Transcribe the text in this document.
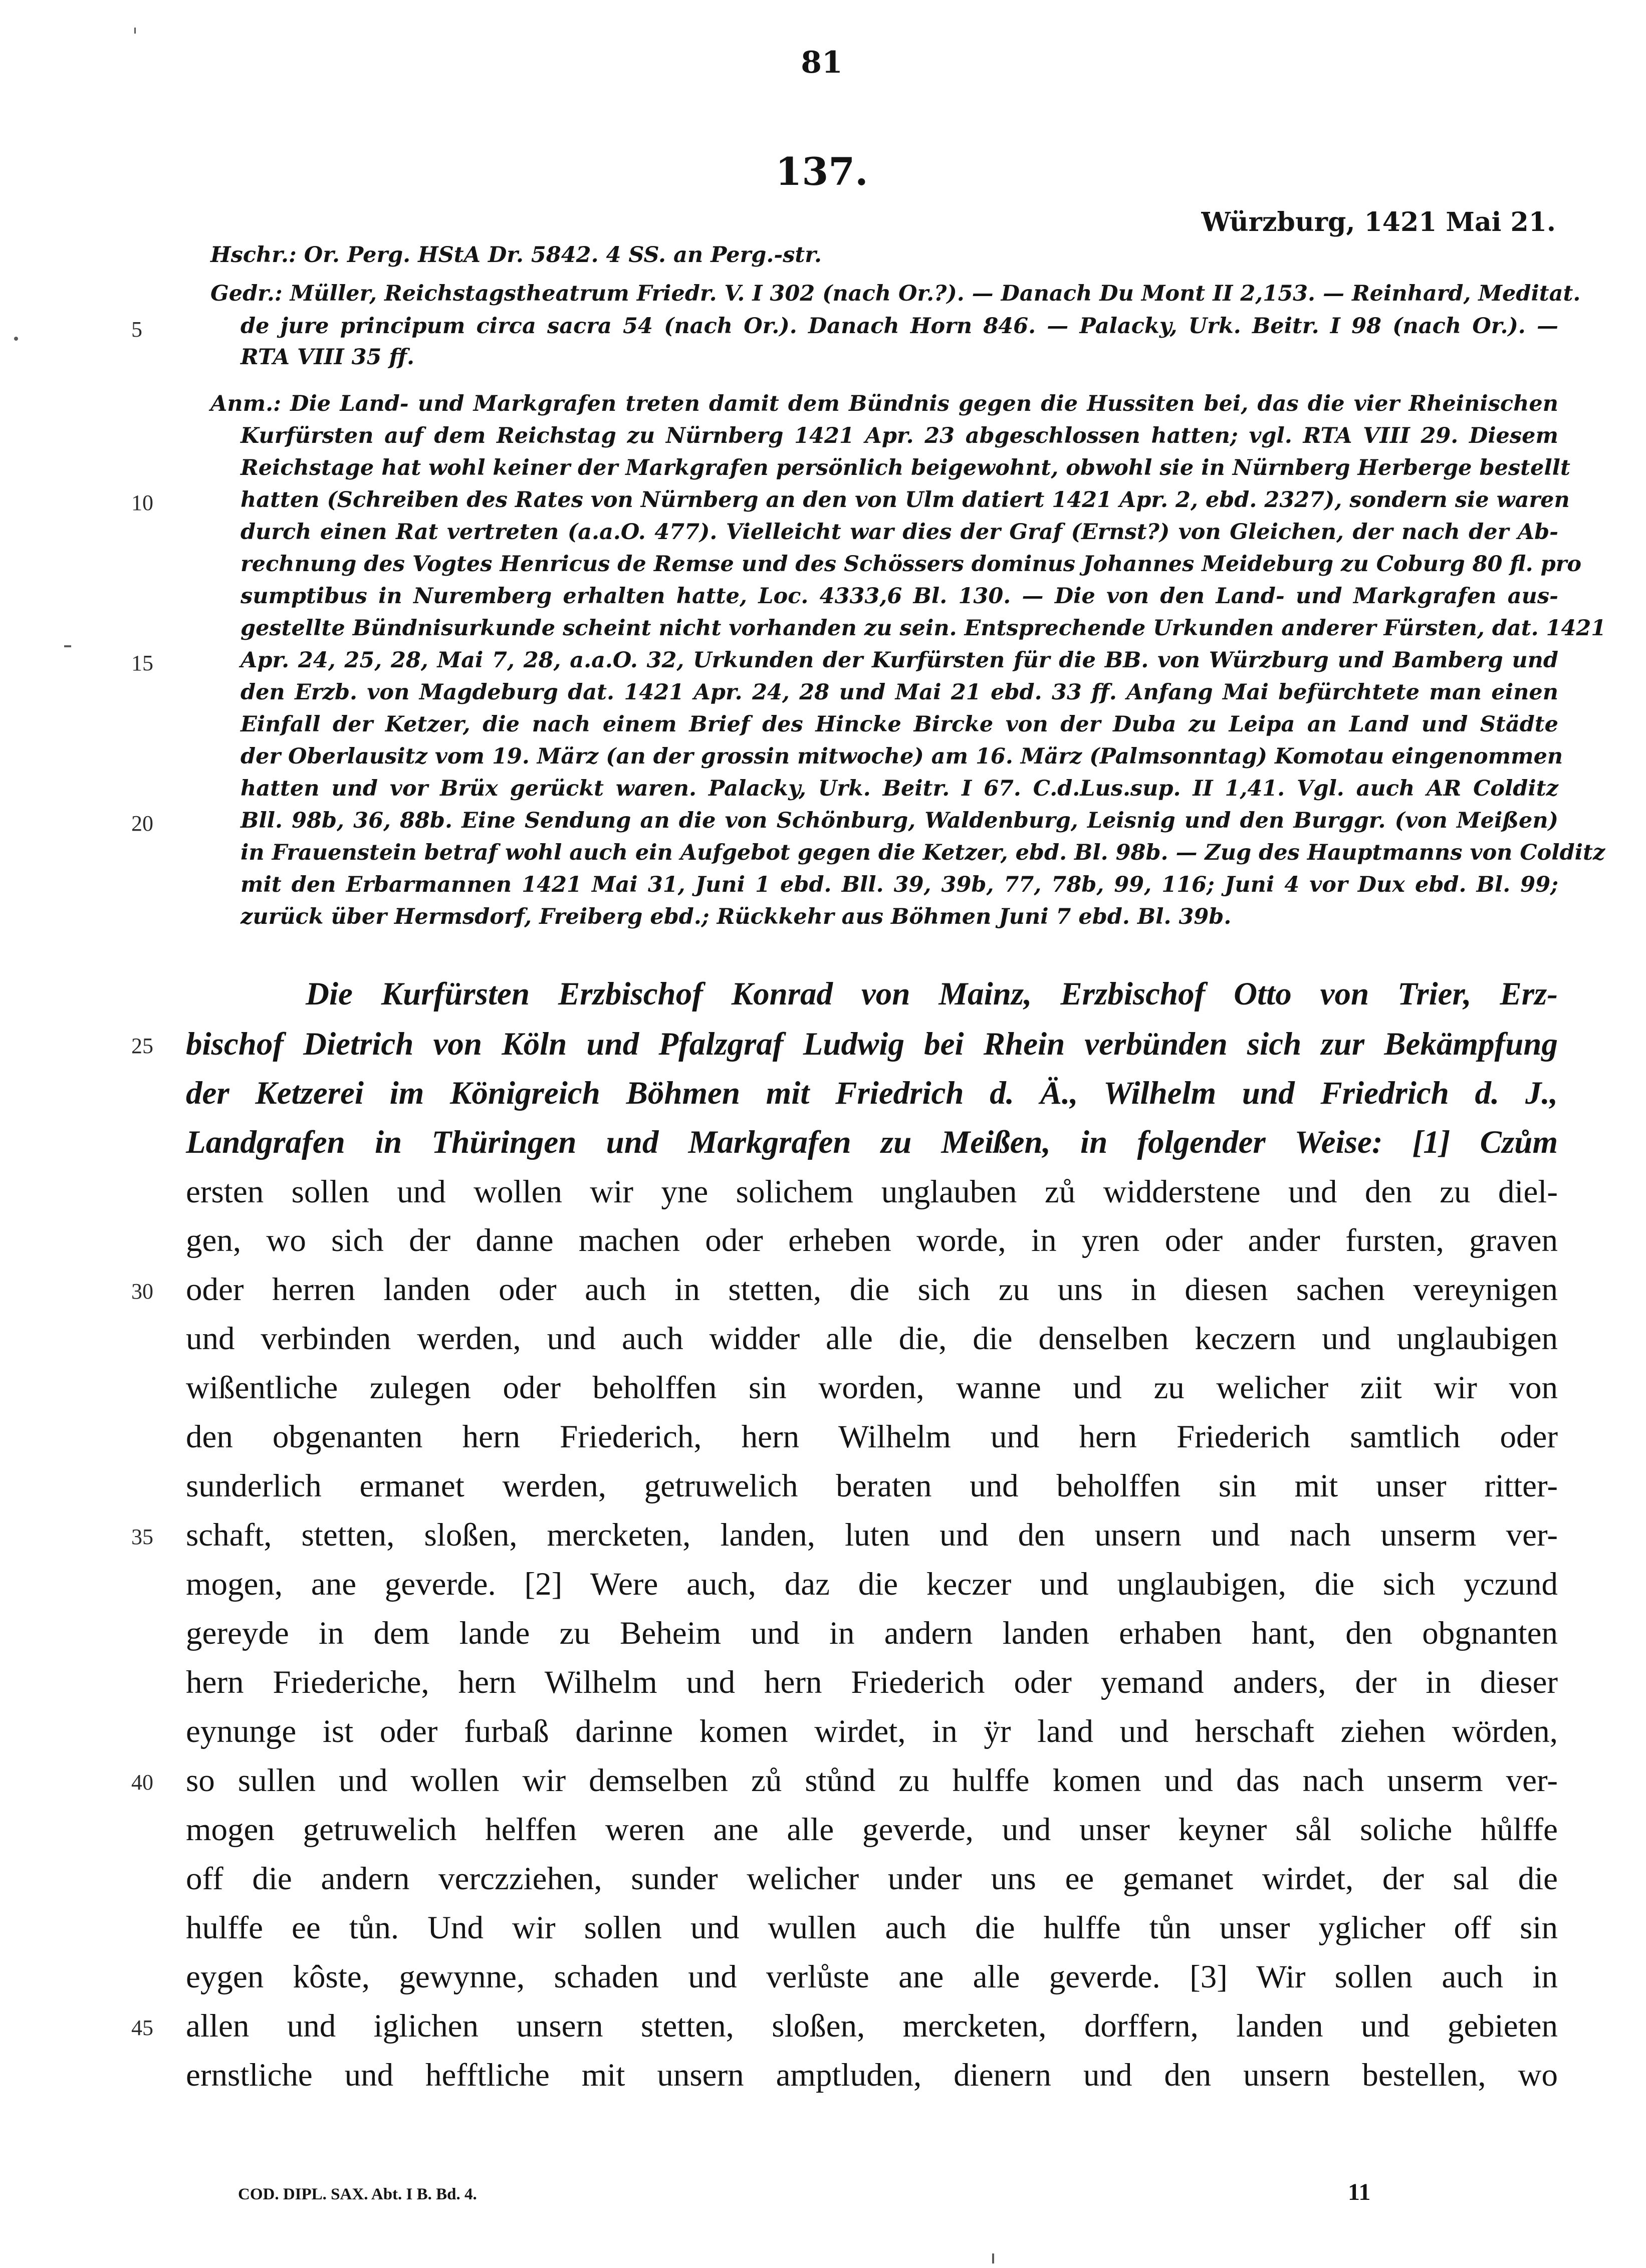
81
137.
Würzburg, 1421 Mai 21.
Hschr.: Or. Perg. HStA Dr. 5842. 4 SS. an Perg.-str.
Gedr.: Müller, Reichstagstheatrum Friedr. V. I 302 (nach Or.?). — Danach Du Mont II 2,153. — Reinhard, Meditat.
de jure principum circa sacra 54 (nach Or.). Danach Horn 846. — Palacky, Urk. Beitr. I 98 (nach Or.). —
RTA VIII 35 ff.
Anm.: Die Land- und Markgrafen treten damit dem Bündnis gegen die Hussiten bei, das die vier Rheinischen
Kurfürsten auf dem Reichstag zu Nürnberg 1421 Apr. 23 abgeschlossen hatten; vgl. RTA VIII 29. Diesem
Reichstage hat wohl keiner der Markgrafen persönlich beigewohnt, obwohl sie in Nürnberg Herberge bestellt
hatten (Schreiben des Rates von Nürnberg an den von Ulm datiert 1421 Apr. 2, ebd. 2327), sondern sie waren
durch einen Rat vertreten (a.a.O. 477). Vielleicht war dies der Graf (Ernst?) von Gleichen, der nach der Ab-
rechnung des Vogtes Henricus de Remse und des Schössers dominus Johannes Meideburg zu Coburg 80 fl. pro
sumptibus in Nuremberg erhalten hatte, Loc. 4333,6 Bl. 130. — Die von den Land- und Markgrafen aus-
gestellte Bündnisurkunde scheint nicht vorhanden zu sein. Entsprechende Urkunden anderer Fürsten, dat. 1421
Apr. 24, 25, 28, Mai 7, 28, a.a.O. 32, Urkunden der Kurfürsten für die BB. von Würzburg und Bamberg und
den Erzb. von Magdeburg dat. 1421 Apr. 24, 28 und Mai 21 ebd. 33 ff. Anfang Mai befürchtete man einen
Einfall der Ketzer, die nach einem Brief des Hincke Bircke von der Duba zu Leipa an Land und Städte
der Oberlausitz vom 19. März (an der grossin mitwoche) am 16. März (Palmsonntag) Komotau eingenommen
hatten und vor Brüx gerückt waren. Palacky, Urk. Beitr. I 67. C.d.Lus.sup. II 1,41. Vgl. auch AR Colditz
Bll. 98b, 36, 88b. Eine Sendung an die von Schönburg, Waldenburg, Leisnig und den Burggr. (von Meißen)
in Frauenstein betraf wohl auch ein Aufgebot gegen die Ketzer, ebd. Bl. 98b. — Zug des Hauptmanns von Colditz
mit den Erbarmannen 1421 Mai 31, Juni 1 ebd. Bll. 39, 39b, 77, 78b, 99, 116; Juni 4 vor Dux ebd. Bl. 99;
zurück über Hermsdorf, Freiberg ebd.; Rückkehr aus Böhmen Juni 7 ebd. Bl. 39b.
Die Kurfürsten Erzbischof Konrad von Mainz, Erzbischof Otto von Trier, Erz-
bischof Dietrich von Köln und Pfalzgraf Ludwig bei Rhein verbünden sich zur Bekämpfung
der Ketzerei im Königreich Böhmen mit Friedrich d. Ä., Wilhelm und Friedrich d. J.,
Landgrafen in Thüringen und Markgrafen zu Meißen, in folgender Weise: [1] Czům
ersten sollen und wollen wir yne solichem unglauben zů widderstene und den zu diel-
gen, wo sich der danne machen oder erheben worde, in yren oder ander fursten, graven
oder herren landen oder auch in stetten, die sich zu uns in diesen sachen vereynigen
und verbinden werden, und auch widder alle die, die denselben keczern und unglaubigen
wißentliche zulegen oder beholffen sin worden, wanne und zu welicher ziit wir von
den obgenanten hern Friederich, hern Wilhelm und hern Friederich samtlich oder
sunderlich ermanet werden, getruwelich beraten und beholffen sin mit unser ritter-
schaft, stetten, sloßen, mercketen, landen, luten und den unsern und nach unserm ver-
mogen, ane geverde. [2] Were auch, daz die keczer und unglaubigen, die sich yczund
gereyde in dem lande zu Beheim und in andern landen erhaben hant, den obgnanten
hern Friederiche, hern Wilhelm und hern Friederich oder yemand anders, der in dieser
eynunge ist oder furbaß darinne komen wirdet, in ÿr land und herschaft ziehen wörden,
so sullen und wollen wir demselben zů stůnd zu hulffe komen und das nach unserm ver-
mogen getruwelich helffen weren ane alle geverde, und unser keyner sål soliche hůlffe
off die andern verczziehen, sunder welicher under uns ee gemanet wirdet, der sal die
hulffe ee tůn. Und wir sollen und wullen auch die hulffe tůn unser yglicher off sin
eygen kôste, gewynne, schaden und verlůste ane alle geverde. [3] Wir sollen auch in
allen und iglichen unsern stetten, sloßen, mercketen, dorffern, landen und gebieten
ernstliche und hefftliche mit unsern amptluden, dienern und den unsern bestellen, wo
5
10
15
20
25
30
35
40
45
COD. DIPL. SAX. Abt. I B. Bd. 4.	11
